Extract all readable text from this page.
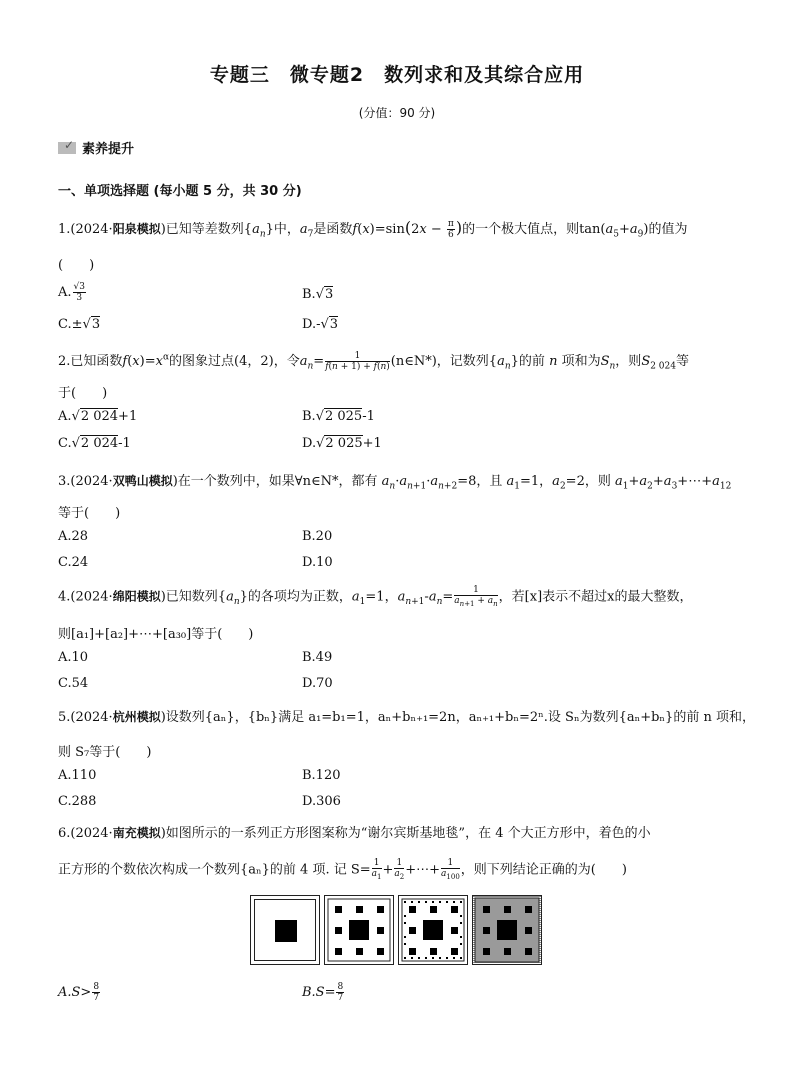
专题三　微专题2　数列求和及其综合应用
(分值：90 分)
✓
素养提升
一、单项选择题 (每小题 5 分，共 30 分)
1.(2024·阳泉模拟)已知等差数列$\{a_n\}$中，$a_7$是函数$f(x)=\sin(2x - \frac{\pi}{6}$ )的一个极大值点，则$\tan(a_5+a_9)$的值为
(　　)
A. $\frac{√3}{3}$	B.√3
C.±√3	D.-√3
2.已知函数$f(x)=x^\alpha$的图象过点(4，2)，令$a_n= \frac{1}{f(n + 1) + f(n)}$ (n∈N*)，记数列$\{a_n\}$的前 n 项和为$S_n$，则$S_{2 024}$等
于(　　)
A.√2 024+1	B.√2 025-1
C.√2 024-1	D.√2 025+1
3.(2024·双鸭山模拟)在一个数列中，如果∀n∈N*，都有 $a_n\cdot a_{n+1}\cdot a_{n+2}=8$，且 $a_1=1$，$a_2=2$，则 $a_1+a_2+a_3+\cdots+a_{12}$
等于(　　)
A.28	B.20
C.24	D.10
4.(2024·绵阳模拟)已知数列$\{a_n\}$的各项均为正数，$a_1=1$，$a_{n+1}-a_n= \frac{1}{a_{n+1} + a_n}$ ，若[x]表示不超过x的最大整数，
则[a₁]+[a₂]+⋯+[a₃₀]等于(　　)
A.10	B.49
C.54	D.70
5.(2024·杭州模拟)设数列{aₙ}，{bₙ}满足 a₁=b₁=1，aₙ+bₙ₊₁=2n，aₙ₊₁+bₙ=2ⁿ.设 Sₙ为数列{aₙ+bₙ}的前 n 项和，
则 S₇等于(　　)
A.110	B.120
C.288	D.306
6.(2024·南充模拟)如图所示的一系列正方形图案称为“谢尔宾斯基地毯”，在 4 个大正方形中，着色的小
正方形的个数依次构成一个数列{aₙ}的前 4 项. 记 $S= \frac{1}{a_1} + \frac{1}{a_2}$ +⋯+ $\frac{1}{a_{100}}$ ，则下列结论正确的为(　　)
$A.S> \frac{8}{7}$	$B.S= \frac{8}{7}$
